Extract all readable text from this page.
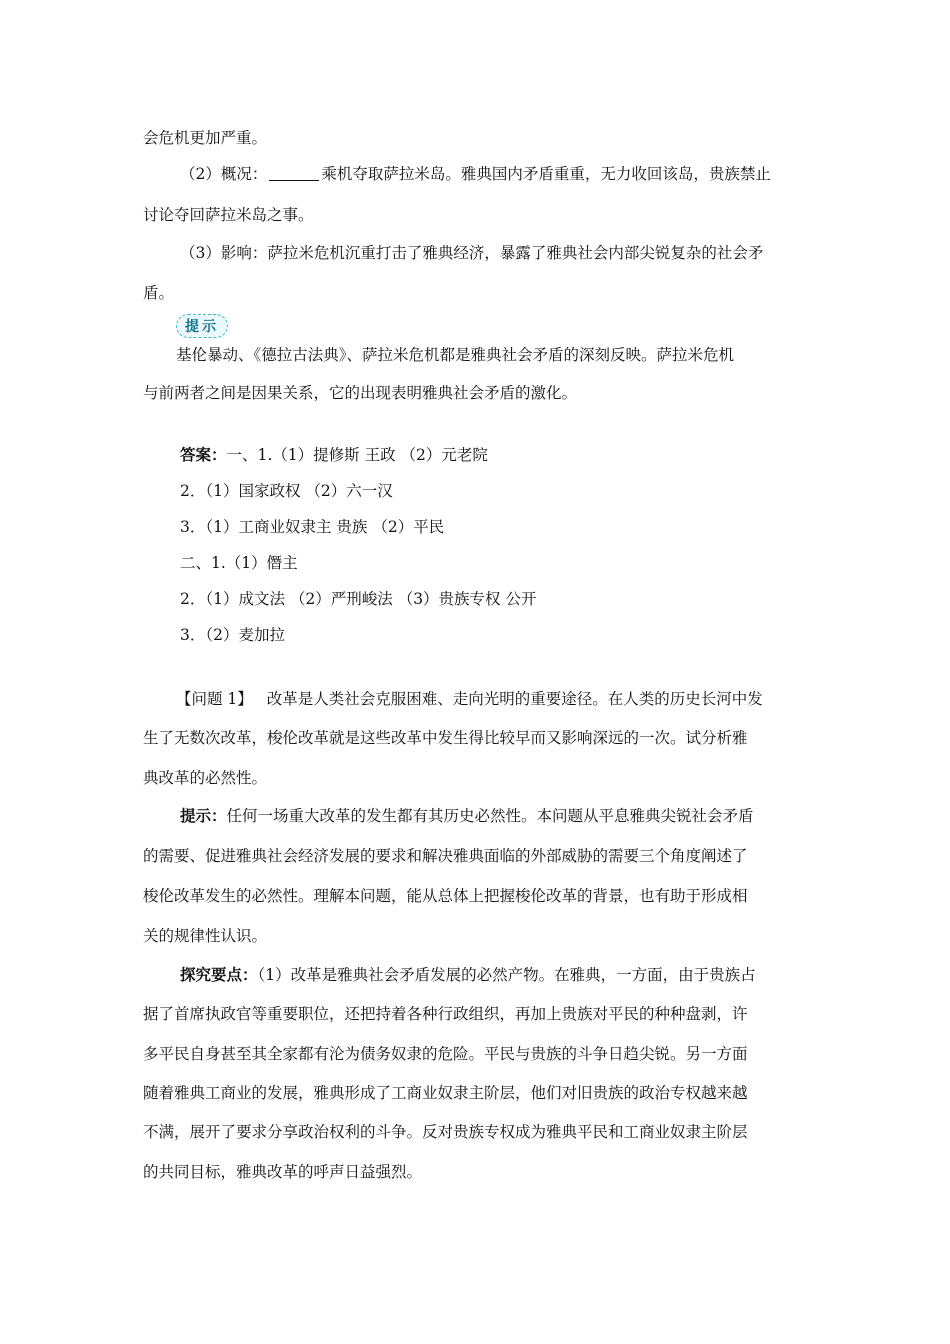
会危机更加严重。
（2）概况：	乘机夺取萨拉米岛。雅典国内矛盾重重，无力收回该岛，贵族禁止
讨论夺回萨拉米岛之事。
（3）影响：萨拉米危机沉重打击了雅典经济，暴露了雅典社会内部尖锐复杂的社会矛
盾。
提示
基伦暴动、《德拉古法典》、萨拉米危机都是雅典社会矛盾的深刻反映。萨拉米危机
与前两者之间是因果关系，它的出现表明雅典社会矛盾的激化。
答案：一、1.（1）提修斯 王政 （2）元老院
2．（1）国家政权 （2）六一汉
3．（1）工商业奴隶主 贵族 （2）平民
二、1.（1）僭主
2．（1）成文法 （2）严刑峻法 （3）贵族专权 公开
3．（2）麦加拉
【问题 1】 改革是人类社会克服困难、走向光明的重要途径。在人类的历史长河中发
生了无数次改革，梭伦改革就是这些改革中发生得比较早而又影响深远的一次。试分析雅
典改革的必然性。
提示：任何一场重大改革的发生都有其历史必然性。本问题从平息雅典尖锐社会矛盾
的需要、促进雅典社会经济发展的要求和解决雅典面临的外部威胁的需要三个角度阐述了
梭伦改革发生的必然性。理解本问题，能从总体上把握梭伦改革的背景，也有助于形成相
关的规律性认识。
探究要点：（1）改革是雅典社会矛盾发展的必然产物。在雅典，一方面，由于贵族占
据了首席执政官等重要职位，还把持着各种行政组织，再加上贵族对平民的种种盘剥，许
多平民自身甚至其全家都有沦为债务奴隶的危险。平民与贵族的斗争日趋尖锐。另一方面
随着雅典工商业的发展，雅典形成了工商业奴隶主阶层，他们对旧贵族的政治专权越来越
不满，展开了要求分享政治权利的斗争。反对贵族专权成为雅典平民和工商业奴隶主阶层
的共同目标，雅典改革的呼声日益强烈。
